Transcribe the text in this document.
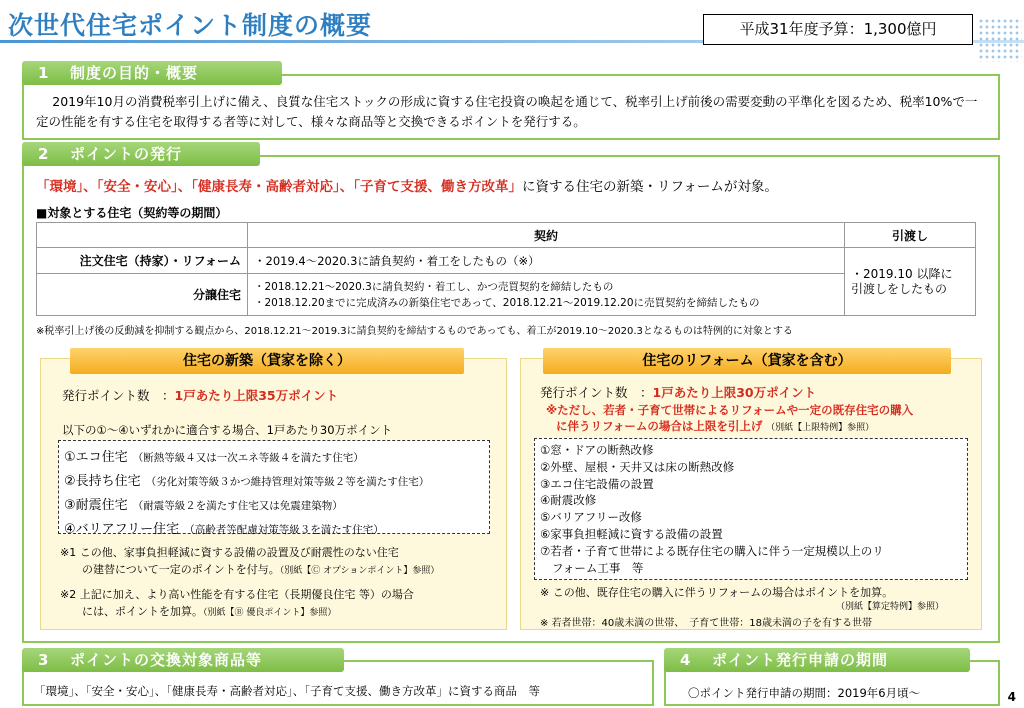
次世代住宅ポイント制度の概要	平成31年度予算：1,300億円
1 制度の目的・概要
2019年10月の消費税率引上げに備え、良質な住宅ストックの形成に資する住宅投資の喚起を通じて、税率引上げ前後の需要変動の平準化を図るため、税率10%で一定の性能を有する住宅を取得する者等に対して、様々な商品等と交換できるポイントを発行する。
2 ポイントの発行
「環境」、「安全・安心」、「健康長寿・高齢者対応」、「子育て支援、働き方改革」に資する住宅の新築・リフォームが対象。
■対象とする住宅（契約等の期間）
	契約	引渡し
注文住宅（持家）・リフォーム	・2019.4～2020.3に請負契約・着工をしたもの（※）	・2019.10 以降に
引渡しをしたもの

分譲住宅	・2018.12.21～2020.3に請負契約・着工し、かつ売買契約を締結したもの
・2018.12.20までに完成済みの新築住宅であって、2018.12.21～2019.12.20に売買契約を締結したもの	
※税率引上げ後の反動減を抑制する観点から、2018.12.21～2019.3に請負契約を締結するものであっても、着工が2019.10～2020.3となるものは特例的に対象とする
住宅の新築（貸家を除く）
発行ポイント数　：1戸あたり上限35万ポイント
以下の①～④いずれかに適合する場合、1戸あたり30万ポイント
①エコ住宅 （断熱等級４又は一次エネ等級４を満たす住宅）
②長持ち住宅 （劣化対策等級３かつ維持管理対策等級２等を満たす住宅）
③耐震住宅 （耐震等級２を満たす住宅又は免震建築物）
④バリアフリー住宅 （高齢者等配慮対策等級３を満たす住宅）
※1 この他、家事負担軽減に資する設備の設置及び耐震性のない住宅
の建替について一定のポイントを付与。（別紙【Ⓒ オプションポイント】参照）
※2 上記に加え、より高い性能を有する住宅（長期優良住宅 等）の場合
には、ポイントを加算。（別紙【Ⓑ 優良ポイント】参照）
住宅のリフォーム（貸家を含む）
発行ポイント数　：1戸あたり上限30万ポイント
※ただし、若者・子育て世帯によるリフォームや一定の既存住宅の購入
に伴うリフォームの場合は上限を引上げ （別紙【上限特例】参照）
①窓・ドアの断熱改修
②外壁、屋根・天井又は床の断熱改修
③エコ住宅設備の設置
④耐震改修
⑤バリアフリー改修
⑥家事負担軽減に資する設備の設置
⑦若者・子育て世帯による既存住宅の購入に伴う一定規模以上のリ
フォーム工事　等
※ この他、既存住宅の購入に伴うリフォームの場合はポイントを加算。
（別紙【算定特例】参照）
※ 若者世帯：40歳未満の世帯、　子育て世帯：18歳未満の子を有する世帯
3 ポイントの交換対象商品等
「環境」、「安全・安心」、「健康長寿・高齢者対応」、「子育て支援、働き方改革」に資する商品　等
4 ポイント発行申請の期間
〇ポイント発行申請の期間：2019年6月頃～	4
